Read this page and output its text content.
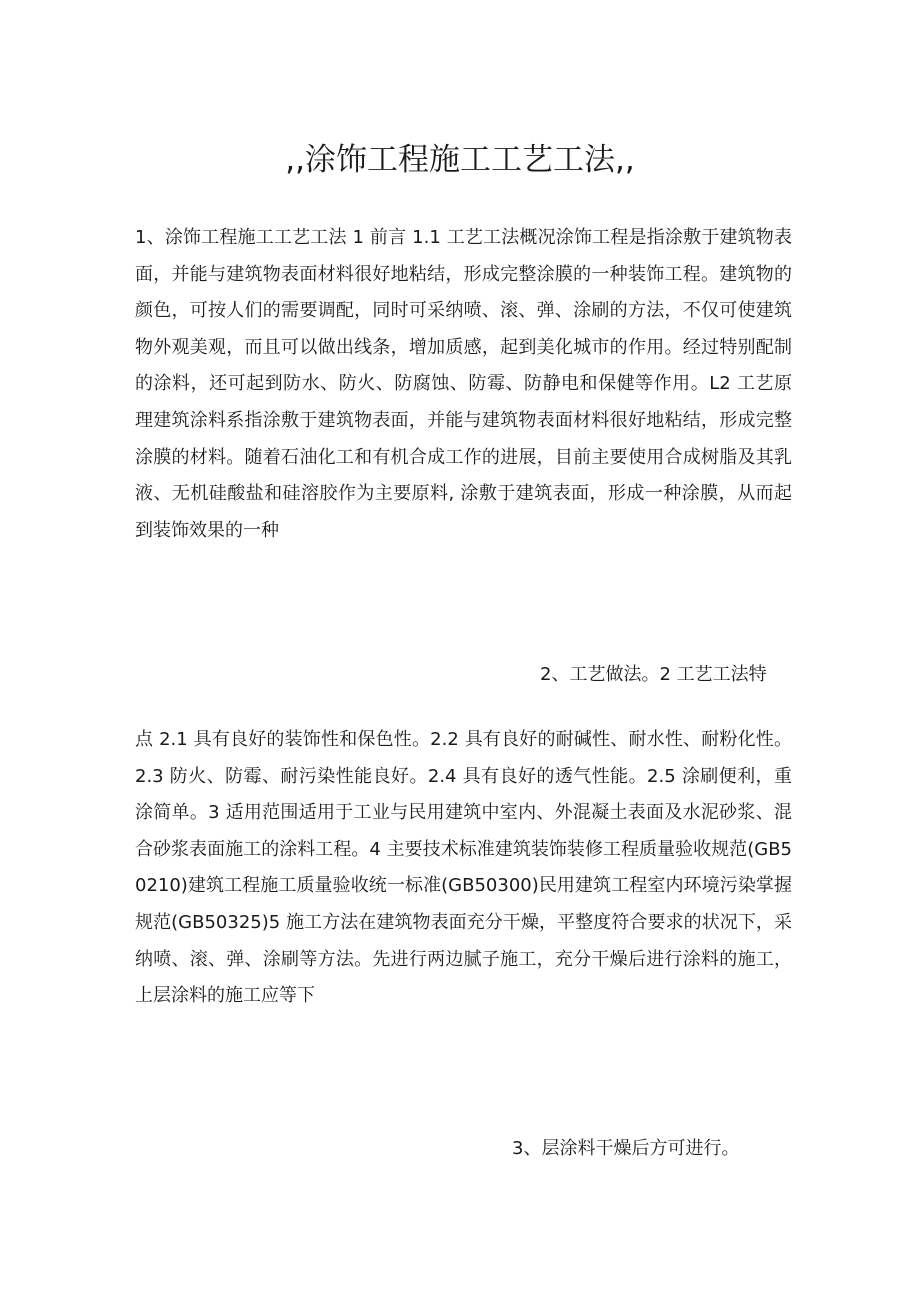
,,涂饰工程施工工艺工法,,
1、涂饰工程施工工艺工法 1 前言 1.1 工艺工法概况涂饰工程是指涂敷于建筑物表面，并能与建筑物表面材料很好地粘结，形成完整涂膜的一种装饰工程。建筑物的颜色，可按人们的需要调配，同时可采纳喷、滚、弹、涂刷的方法，不仅可使建筑物外观美观，而且可以做出线条，增加质感，起到美化城市的作用。经过特别配制的涂料，还可起到防水、防火、防腐蚀、防霉、防静电和保健等作用。L2 工艺原理建筑涂料系指涂敷于建筑物表面，并能与建筑物表面材料很好地粘结，形成完整涂膜的材料。随着石油化工和有机合成工作的进展，目前主要使用合成树脂及其乳液、无机硅酸盐和硅溶胶作为主要原料, 涂敷于建筑表面，形成一种涂膜，从而起到装饰效果的一种
2、工艺做法。2 工艺工法特
点 2.1 具有良好的装饰性和保色性。2.2 具有良好的耐碱性、耐水性、耐粉化性。2.3 防火、防霉、耐污染性能良好。2.4 具有良好的透气性能。2.5 涂刷便利，重涂简单。3 适用范围适用于工业与民用建筑中室内、外混凝土表面及水泥砂浆、混合砂浆表面施工的涂料工程。4 主要技术标准建筑装饰装修工程质量验收规范(GB50210)建筑工程施工质量验收统一标准(GB50300)民用建筑工程室内环境污染掌握规范(GB50325)5 施工方法在建筑物表面充分干燥，平整度符合要求的状况下，采纳喷、滚、弹、涂刷等方法。先进行两边腻子施工，充分干燥后进行涂料的施工，上层涂料的施工应等下
3、层涂料干燥后方可进行。
